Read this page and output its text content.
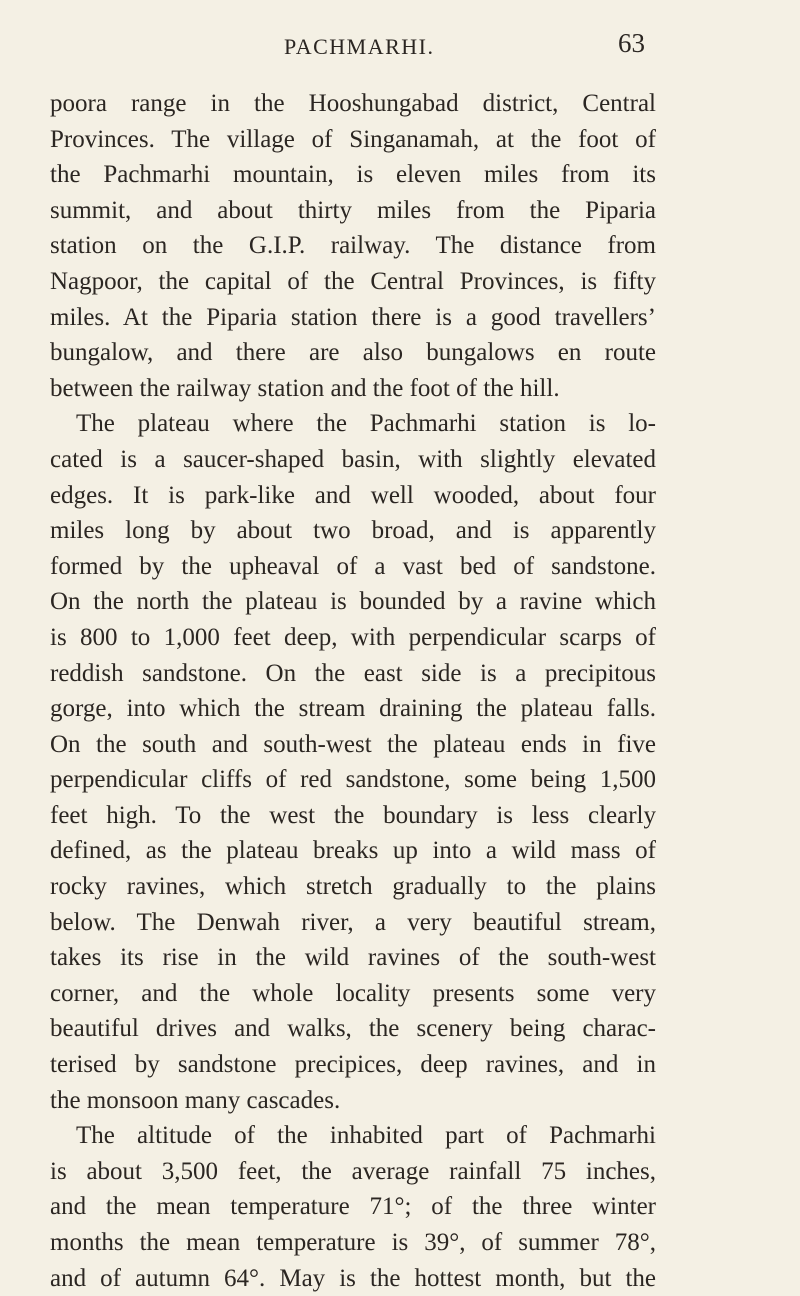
PACHMARHI.	63
poora range in the Hooshungabad district, Central
Provinces. The village of Singanamah, at the foot of
the Pachmarhi mountain, is eleven miles from its
summit, and about thirty miles from the Piparia
station on the G.I.P. railway. The distance from
Nagpoor, the capital of the Central Provinces, is fifty
miles. At the Piparia station there is a good travellers’
bungalow, and there are also bungalows en route
between the railway station and the foot of the hill.
The plateau where the Pachmarhi station is lo-
cated is a saucer-shaped basin, with slightly elevated
edges. It is park-like and well wooded, about four
miles long by about two broad, and is apparently
formed by the upheaval of a vast bed of sandstone.
On the north the plateau is bounded by a ravine which
is 800 to 1,000 feet deep, with perpendicular scarps of
reddish sandstone. On the east side is a precipitous
gorge, into which the stream draining the plateau falls.
On the south and south-west the plateau ends in five
perpendicular cliffs of red sandstone, some being 1,500
feet high. To the west the boundary is less clearly
defined, as the plateau breaks up into a wild mass of
rocky ravines, which stretch gradually to the plains
below. The Denwah river, a very beautiful stream,
takes its rise in the wild ravines of the south-west
corner, and the whole locality presents some very
beautiful drives and walks, the scenery being charac-
terised by sandstone precipices, deep ravines, and in
the monsoon many cascades.
The altitude of the inhabited part of Pachmarhi
is about 3,500 feet, the average rainfall 75 inches,
and the mean temperature 71°; of the three winter
months the mean temperature is 39°, of summer 78°,
and of autumn 64°. May is the hottest month, but the
